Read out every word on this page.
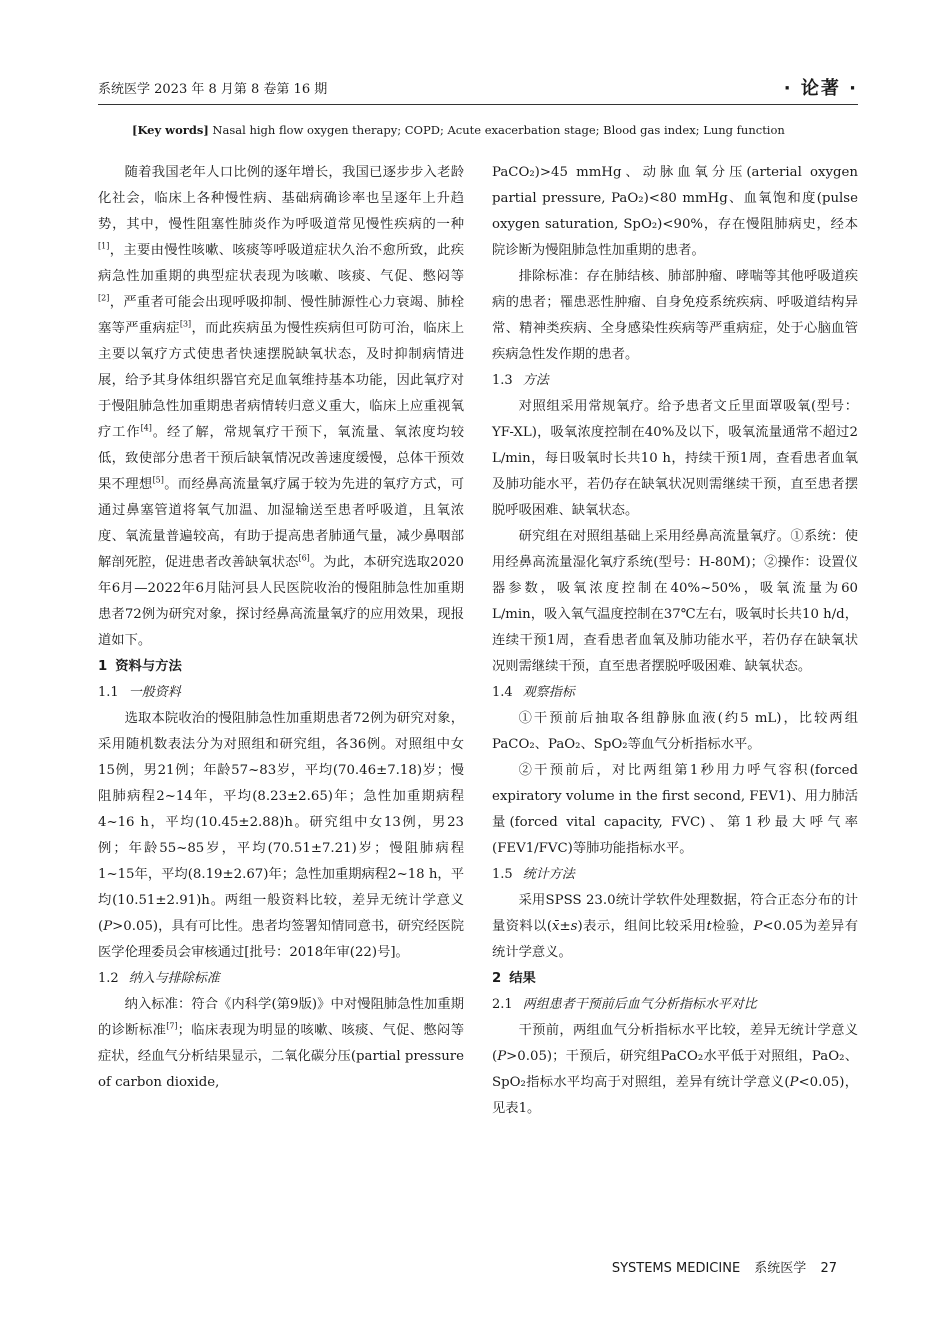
系统医学 2023 年 8 月第 8 卷第 16 期	· 论著 ·
[Key words] Nasal high flow oxygen therapy; COPD; Acute exacerbation stage; Blood gas index; Lung function

随着我国老年人口比例的逐年增长，我国已逐步步入老龄化社会，临床上各种慢性病、基础病确诊率也呈逐年上升趋势，其中，慢性阻塞性肺炎作为呼吸道常见慢性疾病的一种[1]，主要由慢性咳嗽、咳痰等呼吸道症状久治不愈所致，此疾病急性加重期的典型症状表现为咳嗽、咳痰、气促、憋闷等[2]，严重者可能会出现呼吸抑制、慢性肺源性心力衰竭、肺栓塞等严重病症[3]，而此疾病虽为慢性疾病但可防可治，临床上主要以氧疗方式使患者快速摆脱缺氧状态，及时抑制病情进展，给予其身体组织器官充足血氧维持基本功能，因此氧疗对于慢阻肺急性加重期患者病情转归意义重大，临床上应重视氧疗工作[4]。经了解，常规氧疗干预下，氧流量、氧浓度均较低，致使部分患者干预后缺氧情况改善速度缓慢，总体干预效果不理想[5]。而经鼻高流量氧疗属于较为先进的氧疗方式，可通过鼻塞管道将氧气加温、加湿输送至患者呼吸道，且氧浓度、氧流量普遍较高，有助于提高患者肺通气量，减少鼻咽部解剖死腔，促进患者改善缺氧状态[6]。为此，本研究选取2020年6月—2022年6月陆河县人民医院收治的慢阻肺急性加重期患者72例为研究对象，探讨经鼻高流量氧疗的应用效果，现报道如下。

1 资料与方法

1.1 一般资料

选取本院收治的慢阻肺急性加重期患者72例为研究对象，采用随机数表法分为对照组和研究组，各36例。对照组中女15例，男21例；年龄57~83岁，平均(70.46±7.18)岁；慢阻肺病程2~14年，平均(8.23±2.65)年；急性加重期病程4~16 h，平均(10.45±2.88)h。研究组中女13例，男23例；年龄55~85岁，平均(70.51±7.21)岁；慢阻肺病程1~15年，平均(8.19±2.67)年；急性加重期病程2~18 h，平均(10.51±2.91)h。两组一般资料比较，差异无统计学意义(P>0.05)，具有可比性。患者均签署知情同意书，研究经医院医学伦理委员会审核通过[批号：2018年审(22)号]。

1.2 纳入与排除标准

纳入标准：符合《内科学(第9版)》中对慢阻肺急性加重期的诊断标准[7]；临床表现为明显的咳嗽、咳痰、气促、憋闷等症状，经血气分析结果显示，二氧化碳分压(partial pressure of carbon dioxide,

PaCO₂)>45 mmHg、动脉血氧分压(arterial oxygen partial pressure, PaO₂)<80 mmHg、血氧饱和度(pulse oxygen saturation, SpO₂)<90%，存在慢阻肺病史，经本院诊断为慢阻肺急性加重期的患者。

排除标准：存在肺结核、肺部肿瘤、哮喘等其他呼吸道疾病的患者；罹患恶性肿瘤、自身免疫系统疾病、呼吸道结构异常、精神类疾病、全身感染性疾病等严重病症，处于心脑血管疾病急性发作期的患者。

1.3 方法

对照组采用常规氧疗。给予患者文丘里面罩吸氧(型号：YF-XL)，吸氧浓度控制在40%及以下，吸氧流量通常不超过2 L/min，每日吸氧时长共10 h，持续干预1周，查看患者血氧及肺功能水平，若仍存在缺氧状况则需继续干预，直至患者摆脱呼吸困难、缺氧状态。

研究组在对照组基础上采用经鼻高流量氧疗。①系统：使用经鼻高流量湿化氧疗系统(型号：H-80M)；②操作：设置仪器参数，吸氧浓度控制在40%~50%，吸氧流量为60 L/min，吸入氧气温度控制在37℃左右，吸氧时长共10 h/d，连续干预1周，查看患者血氧及肺功能水平，若仍存在缺氧状况则需继续干预，直至患者摆脱呼吸困难、缺氧状态。

1.4 观察指标

①干预前后抽取各组静脉血液(约5 mL)，比较两组PaCO₂、PaO₂、SpO₂等血气分析指标水平。

②干预前后，对比两组第1秒用力呼气容积(forced expiratory volume in the first second, FEV1)、用力肺活量(forced vital capacity, FVC)、第1秒最大呼气率(FEV1/FVC)等肺功能指标水平。

1.5 统计方法

采用SPSS 23.0统计学软件处理数据，符合正态分布的计量资料以(x̄±s)表示，组间比较采用t检验，P<0.05为差异有统计学意义。

2 结果

2.1 两组患者干预前后血气分析指标水平对比

干预前，两组血气分析指标水平比较，差异无统计学意义(P>0.05)；干预后，研究组PaCO₂水平低于对照组，PaO₂、SpO₂指标水平均高于对照组，差异有统计学意义(P<0.05)，见表1。

SYSTEMS MEDICINE 系统医学 27
